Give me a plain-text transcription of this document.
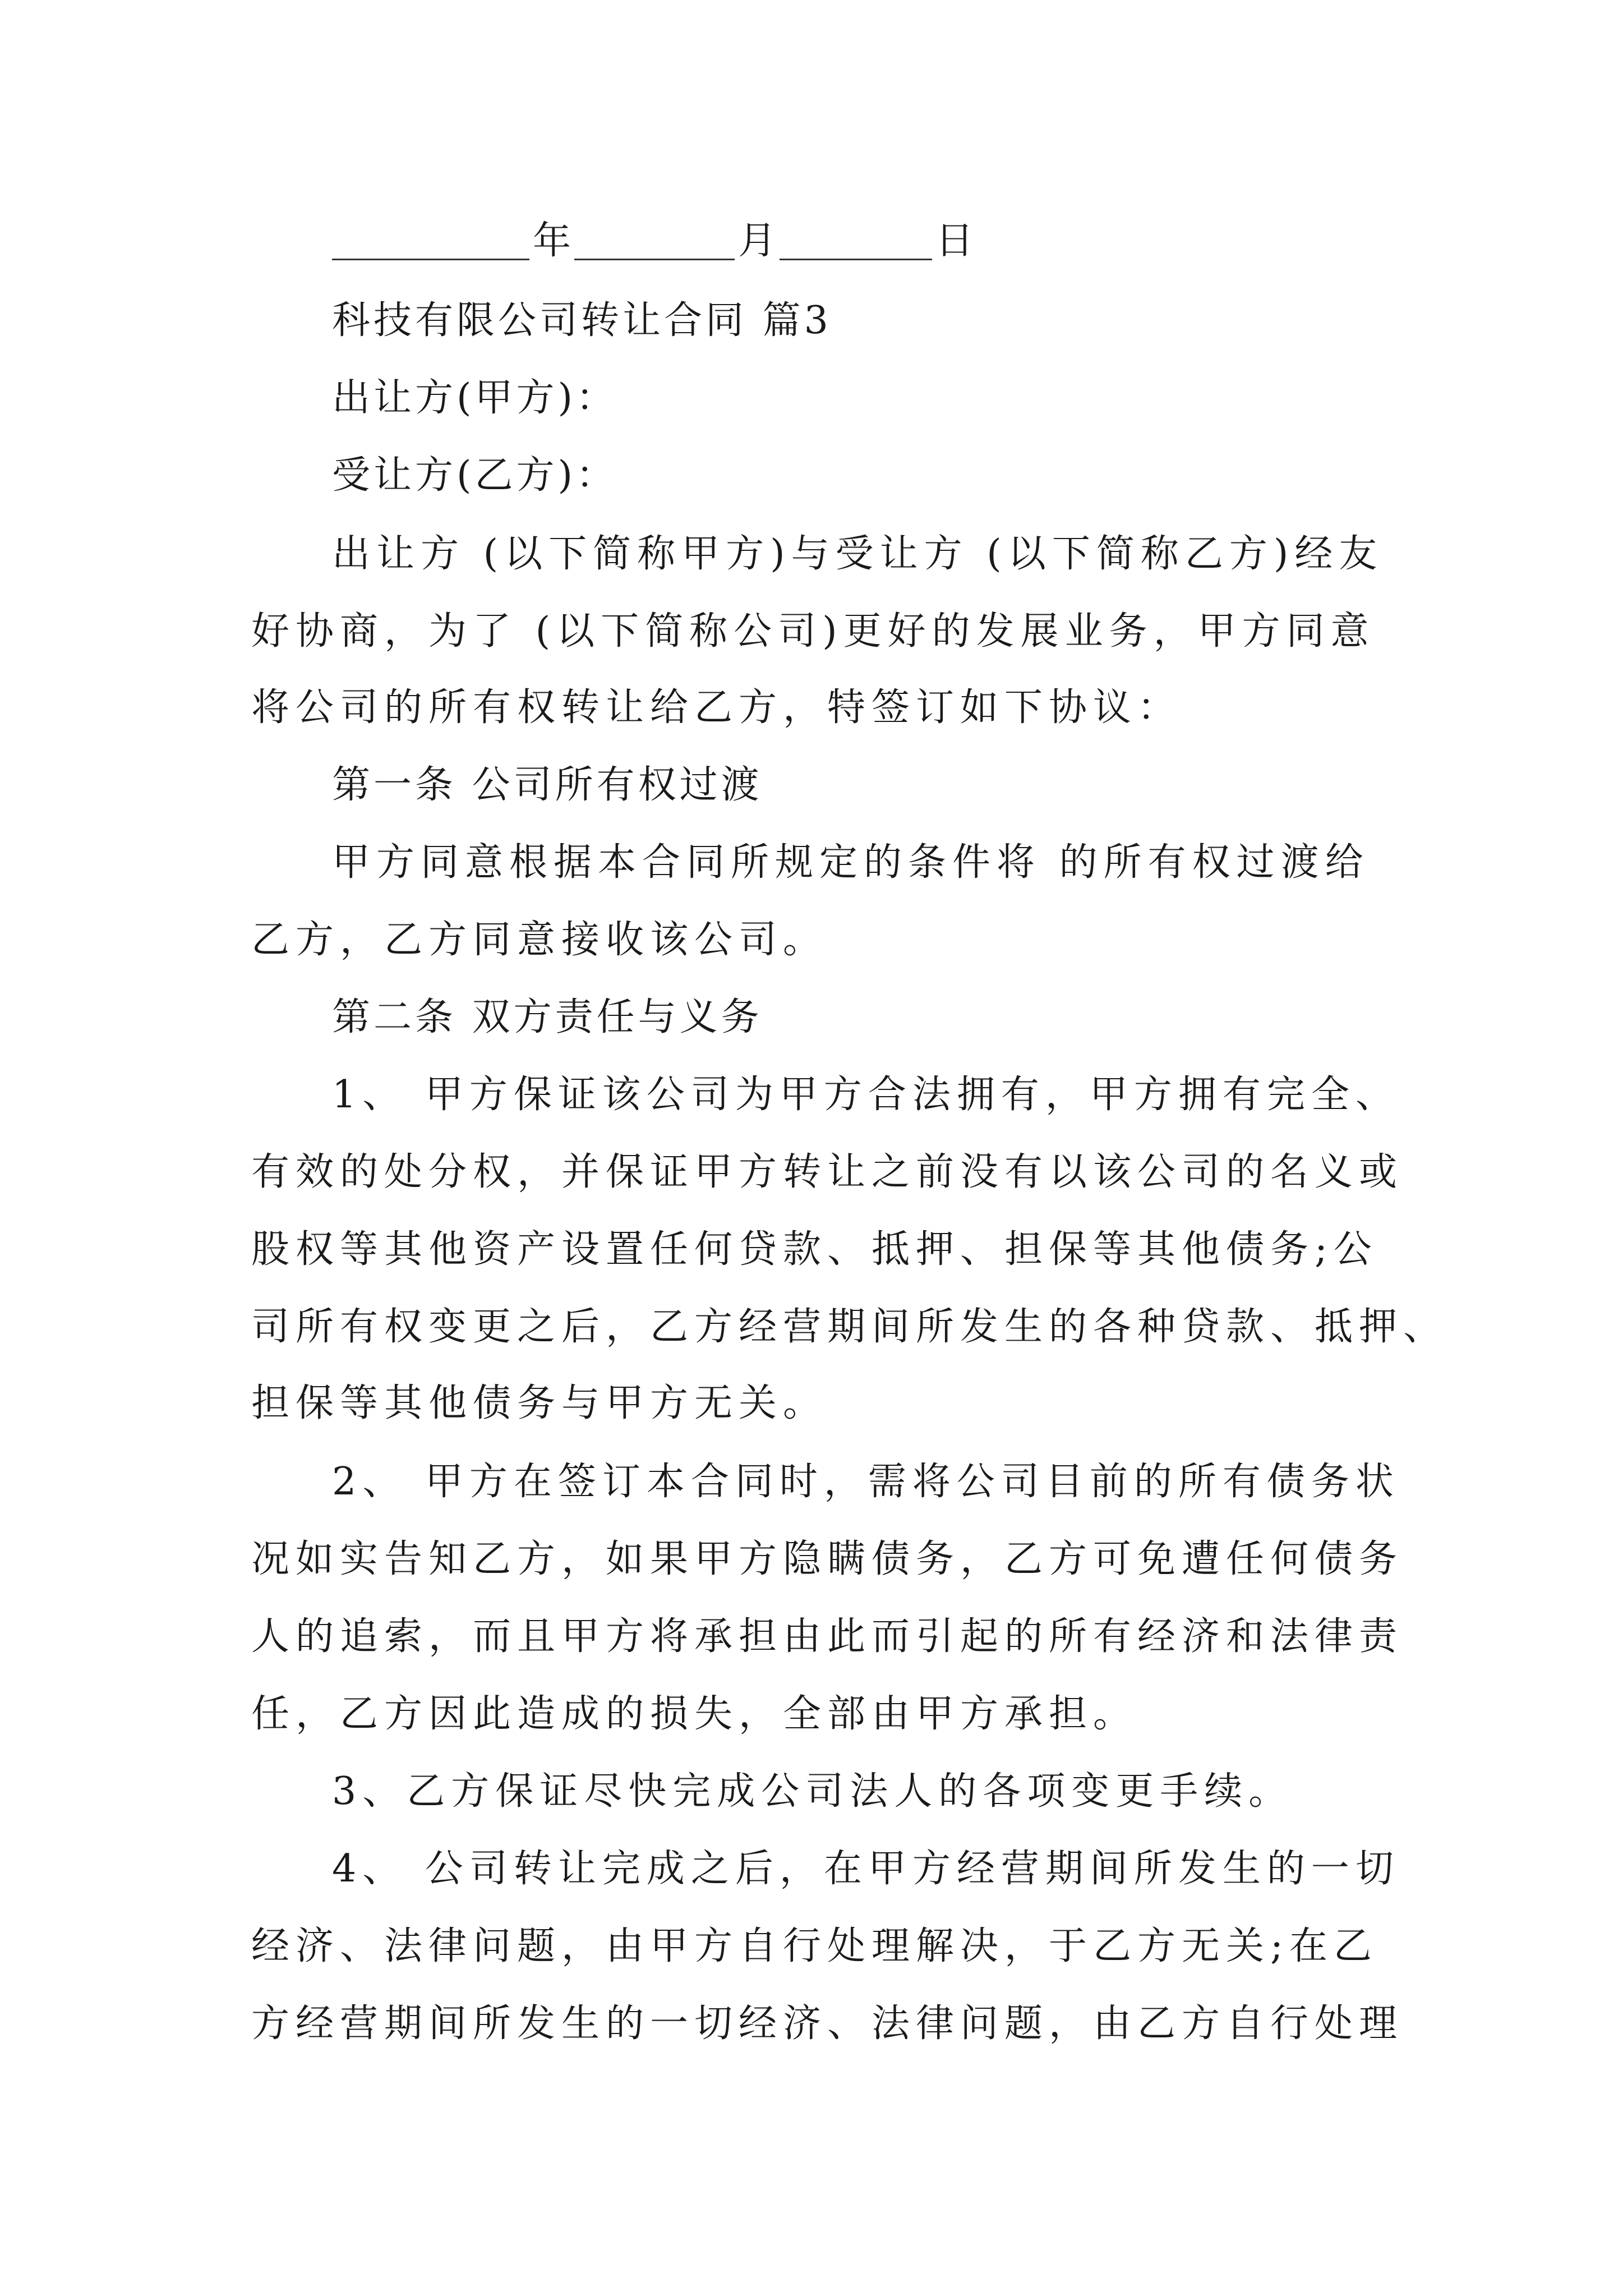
年	月	日
科技有限公司转让合同 篇3
出让方(甲方)：
受让方(乙方)：
出让方 (以下简称甲方)与受让方 (以下简称乙方)经友
好协商，为了 (以下简称公司)更好的发展业务，甲方同意
将公司的所有权转让给乙方，特签订如下协议：
第一条 公司所有权过渡
甲方同意根据本合同所规定的条件将 的所有权过渡给
乙方，乙方同意接收该公司。
第二条 双方责任与义务
1、 甲方保证该公司为甲方合法拥有，甲方拥有完全、
有效的处分权，并保证甲方转让之前没有以该公司的名义或
股权等其他资产设置任何贷款、抵押、担保等其他债务;公
司所有权变更之后，乙方经营期间所发生的各种贷款、抵押、
担保等其他债务与甲方无关。
2、 甲方在签订本合同时，需将公司目前的所有债务状
况如实告知乙方，如果甲方隐瞒债务，乙方可免遭任何债务
人的追索，而且甲方将承担由此而引起的所有经济和法律责
任，乙方因此造成的损失，全部由甲方承担。
3、乙方保证尽快完成公司法人的各项变更手续。
4、 公司转让完成之后，在甲方经营期间所发生的一切
经济、法律问题，由甲方自行处理解决，于乙方无关;在乙
方经营期间所发生的一切经济、法律问题，由乙方自行处理
